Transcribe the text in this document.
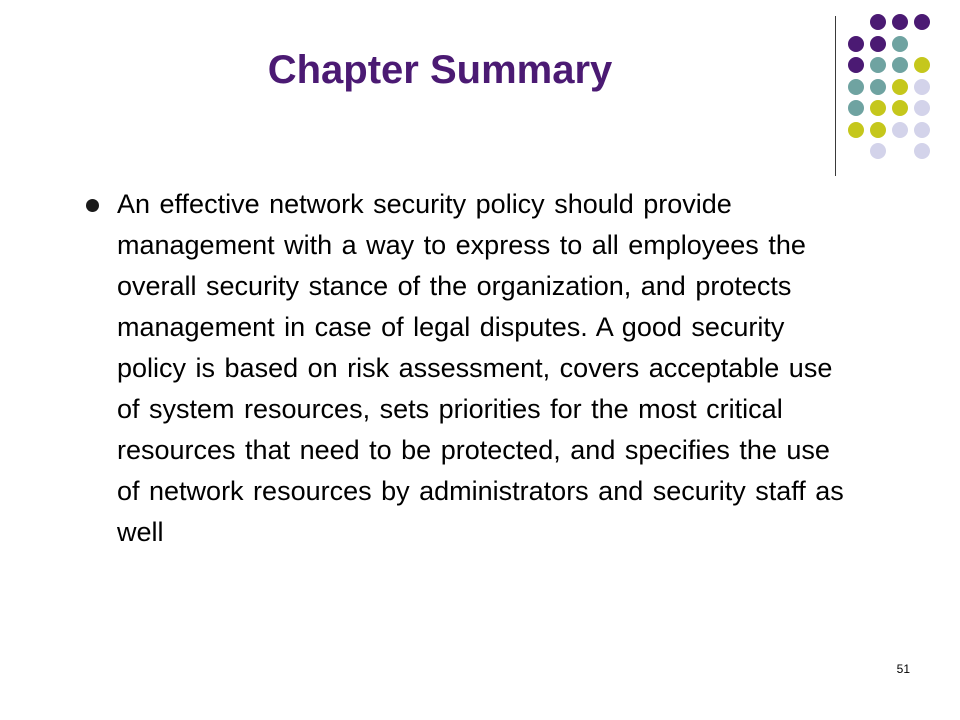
Chapter Summary
An effective network security policy should provide management with a way to express to all employees the overall security stance of the organization, and protects management in case of legal disputes. A good security policy is based on risk assessment, covers acceptable use of system resources, sets priorities for the most critical resources that need to be protected, and specifies the use of network resources by administrators and security staff as well
51
